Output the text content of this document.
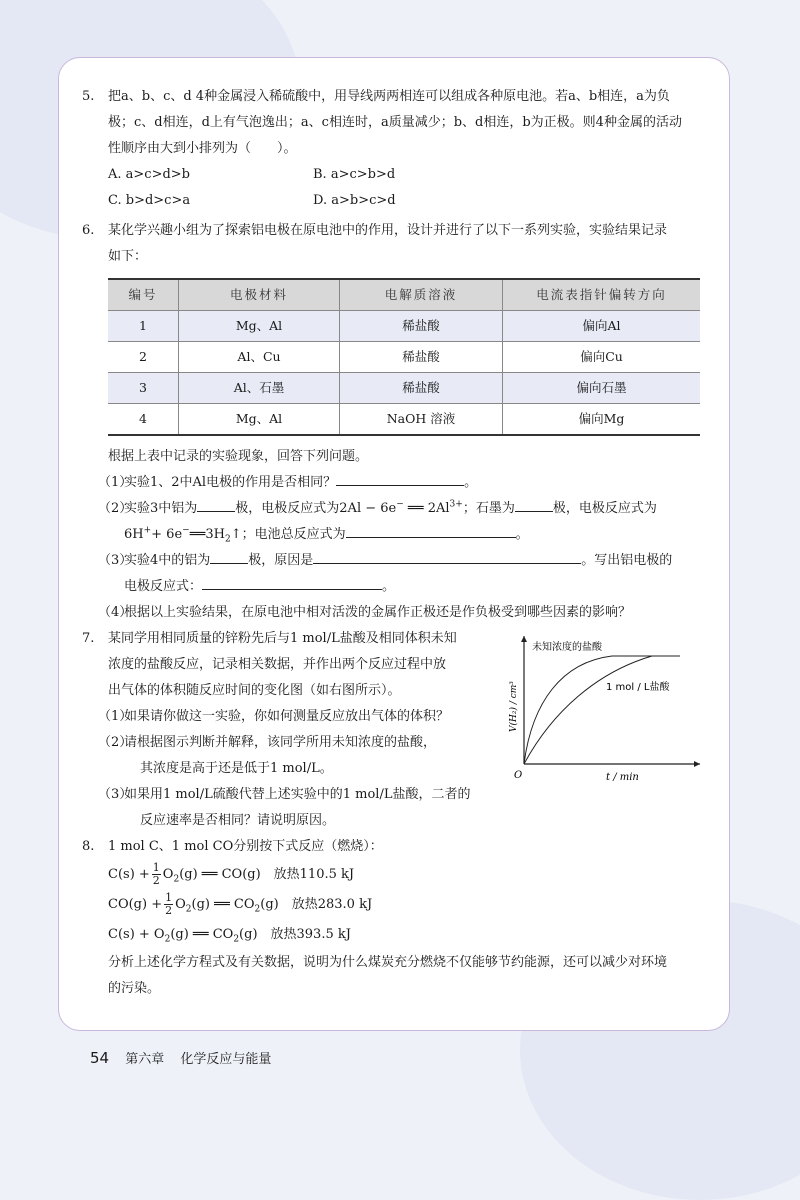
5. 把a、b、c、d 4种金属浸入稀硫酸中，用导线两两相连可以组成各种原电池。若a、b相连，a为负
极；c、d相连，d上有气泡逸出；a、c相连时，a质量减少；b、d相连，b为正极。则4种金属的活动
性顺序由大到小排列为（　　）。
A. a>c>d>b	B. a>c>b>d
C. b>d>c>a	D. a>b>c>d
6. 某化学兴趣小组为了探索铝电极在原电池中的作用，设计并进行了以下一系列实验，实验结果记录
如下：
编号	电极材料	电解质溶液	电流表指针偏转方向
1	Mg、Al	稀盐酸	偏向Al
2	Al、Cu	稀盐酸	偏向Cu
3	Al、石墨	稀盐酸	偏向石墨
4	Mg、Al	NaOH 溶液	偏向Mg
根据上表中记录的实验现象，回答下列问题。
（1）
实验1、2中Al电极的作用是否相同？	。
（2）
实验3中铝为	极，电极反应式为2Al − 6e− ══ $2Al^{3+}$；石墨为	极，电极反应式为
$6H^++ 6e^-══3H_2↑$；电池总反应式为	。
（3）
实验4中的铝为	极，原因是	。写出铝电极的
电极反应式：	。
（4）
根据以上实验结果，在原电池中相对活泼的金属作正极还是作负极受到哪些因素的影响？
7. 某同学用相同质量的锌粉先后与1 mol/L盐酸及相同体积未知
浓度的盐酸反应，记录相关数据，并作出两个反应过程中放
出气体的体积随反应时间的变化图（如右图所示）。
（1）
如果请你做这一实验，你如何测量反应放出气体的体积？
（2）
请根据图示判断并解释，该同学所用未知浓度的盐酸，
其浓度是高于还是低于1 mol/L。
（3）
如果用1 mol/L硫酸代替上述实验中的1 mol/L盐酸，二者的
反应速率是否相同？请说明原因。
未知浓度的盐酸
1 mol / L盐酸
V(H₂) / cm³
t / min
O
8. 1 mol C、1 mol CO分别按下式反应（燃烧）：
$C(s) + \frac{1}{2} O_2(g)$ ══ CO(g)　放热110.5 kJ
$CO(g) + \frac{1}{2} O_2(g)$ ══ $CO_2(g)$　放热283.0 kJ
$C(s) + O_2(g)$ ══ $CO_2(g)$　放热393.5 kJ
分析上述化学方程式及有关数据，说明为什么煤炭充分燃烧不仅能够节约能源，还可以减少对环境
的污染。
54 第六章 化学反应与能量
